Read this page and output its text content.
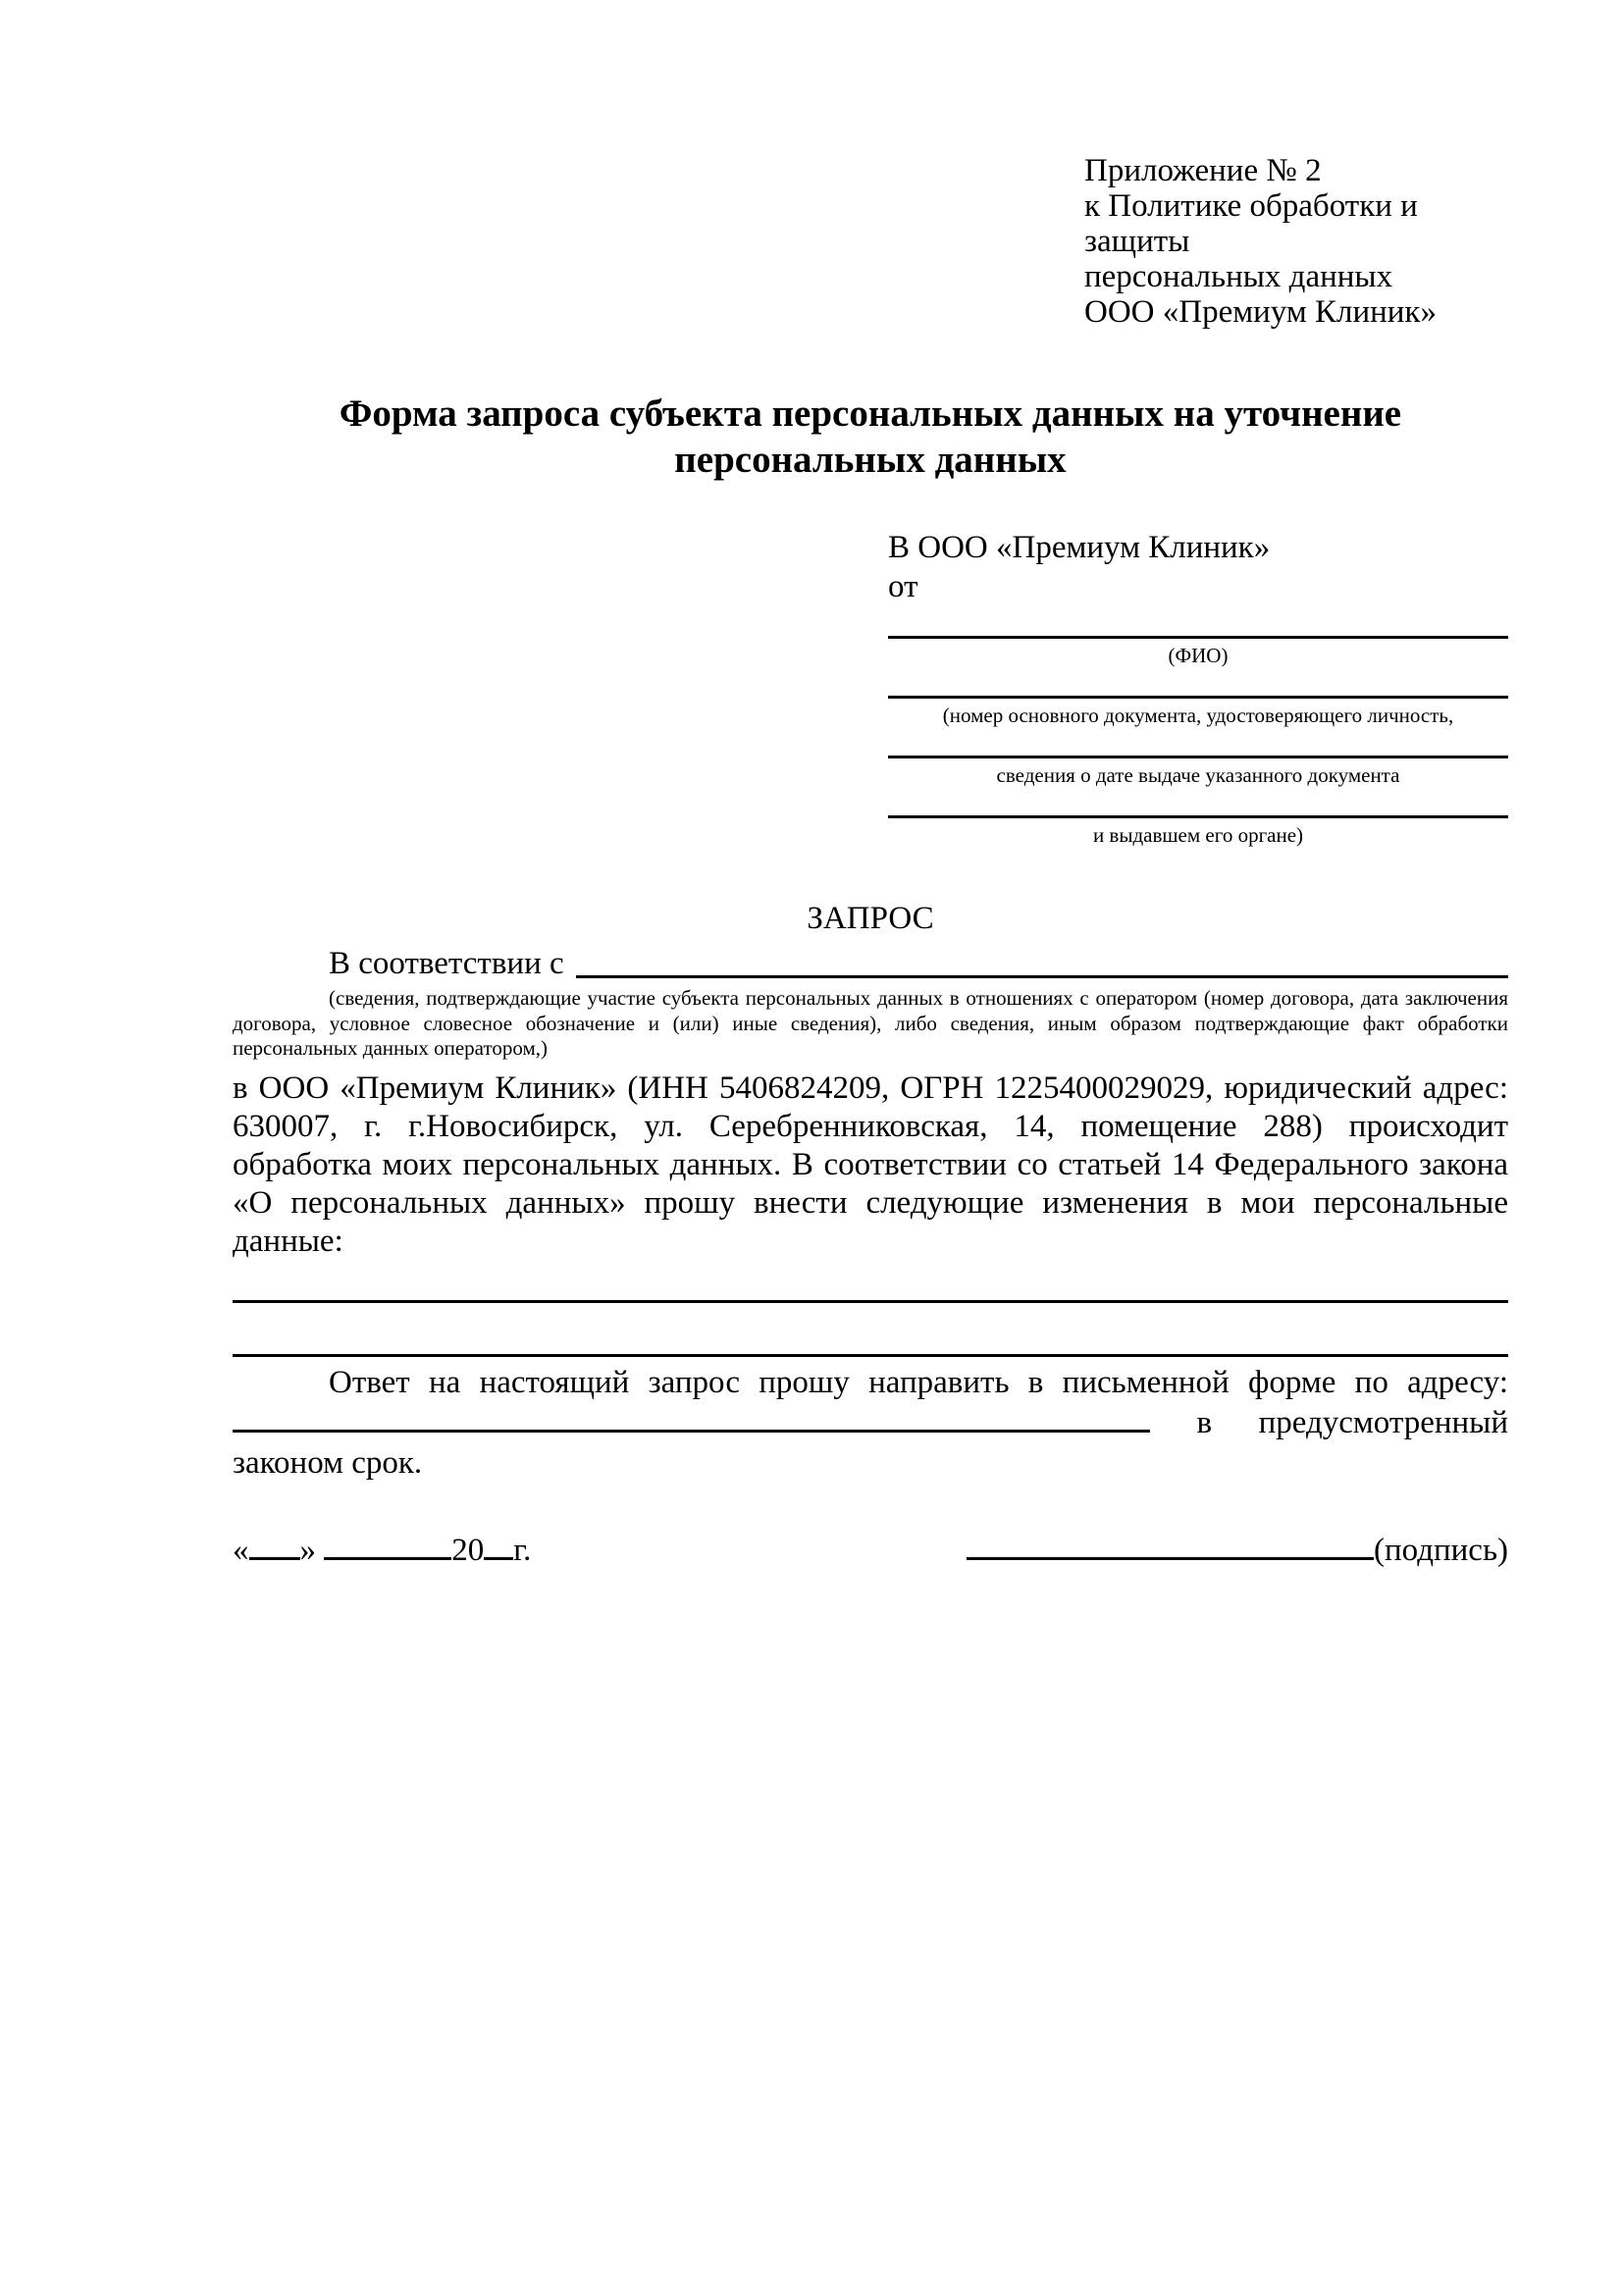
Приложение № 2
к Политике обработки и защиты
персональных данных
ООО «Премиум Клиник»
Форма запроса субъекта персональных данных на уточнение персональных данных
В ООО «Премиум Клиник»
от
(ФИО)
(номер основного документа, удостоверяющего личность,
сведения о дате выдаче указанного документа
и выдавшем его органе)
ЗАПРОС
В соответствии с

(сведения, подтверждающие участие субъекта персональных данных в отношениях с оператором (номер договора, дата заключения договора, условное словесное обозначение и (или) иные сведения), либо сведения, иным образом подтверждающие факт обработки персональных данных оператором,)

в ООО «Премиум Клиник» (ИНН 5406824209, ОГРН 1225400029029, юридический адрес: 630007, г. г.Новосибирск, ул. Серебренниковская, 14, помещение 288) происходит обработка моих персональных данных. В соответствии со статьей 14 Федерального закона «О персональных данных» прошу внести следующие изменения в мои персональные данные:

Ответ на настоящий запрос прошу направить в письменной форме по адресу:  в предусмотренный законом срок.

« »	20 г.	(подпись)
